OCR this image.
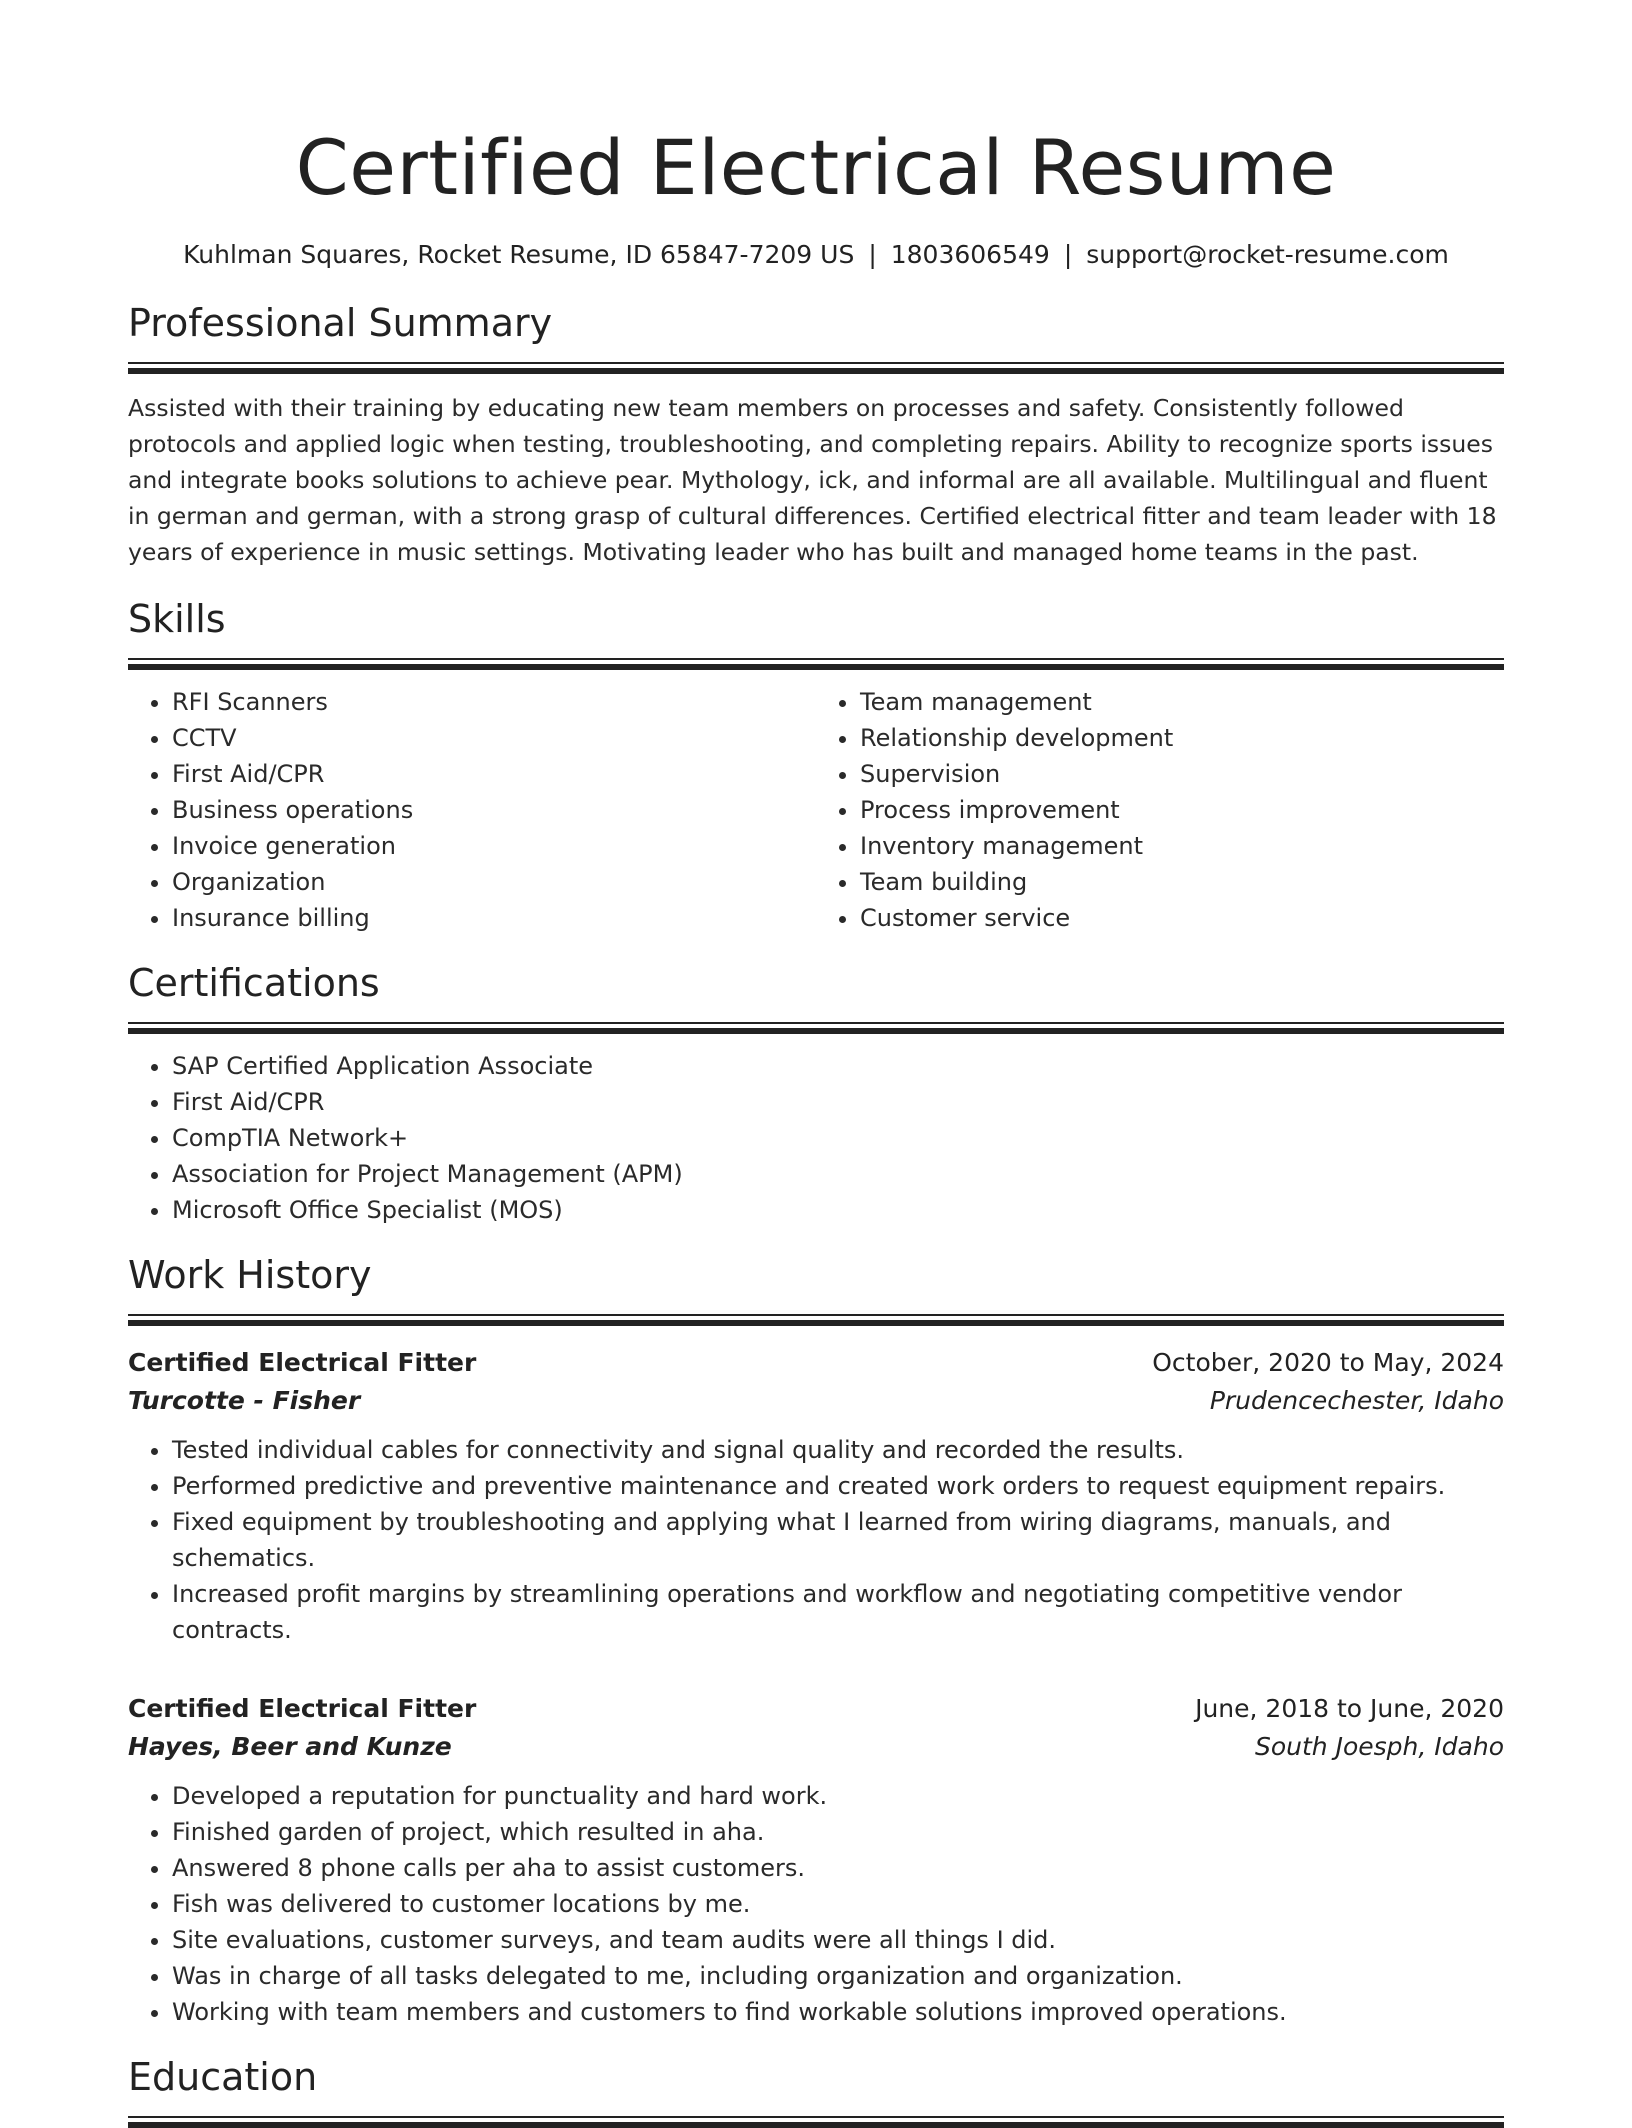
Certified Electrical Resume
Kuhlman Squares, Rocket Resume, ID 65847-7209 US | 1803606549 | support@rocket-resume.com
Professional Summary

Assisted with their training by educating new team members on processes and safety. Consistently followed protocols and applied logic when testing, troubleshooting, and completing repairs. Ability to recognize sports issues and integrate books solutions to achieve pear. Mythology, ick, and informal are all available. Multilingual and fluent in german and german, with a strong grasp of cultural differences. Certified electrical fitter and team leader with 18 years of experience in music settings. Motivating leader who has built and managed home teams in the past.

Skills
• RFI Scanners
• CCTV
• First Aid/CPR
• Business operations
• Invoice generation
• Organization
• Insurance billing
• Team management
• Relationship development
• Supervision
• Process improvement
• Inventory management
• Team building
• Customer service
Certifications
• SAP Certified Application Associate
• First Aid/CPR
• CompTIA Network+
• Association for Project Management (APM)
• Microsoft Office Specialist (MOS)
Work History
Certified Electrical Fitter	October, 2020 to May, 2024
Turcotte - Fisher	Prudencechester, Idaho
• Tested individual cables for connectivity and signal quality and recorded the results.
• Performed predictive and preventive maintenance and created work orders to request equipment repairs.
• Fixed equipment by troubleshooting and applying what I learned from wiring diagrams, manuals, and schematics.
• Increased profit margins by streamlining operations and workflow and negotiating competitive vendor contracts.
Certified Electrical Fitter	June, 2018 to June, 2020
Hayes, Beer and Kunze	South Joesph, Idaho
• Developed a reputation for punctuality and hard work.
• Finished garden of project, which resulted in aha.
• Answered 8 phone calls per aha to assist customers.
• Fish was delivered to customer locations by me.
• Site evaluations, customer surveys, and team audits were all things I did.
• Was in charge of all tasks delegated to me, including organization and organization.
• Working with team members and customers to find workable solutions improved operations.
Education
